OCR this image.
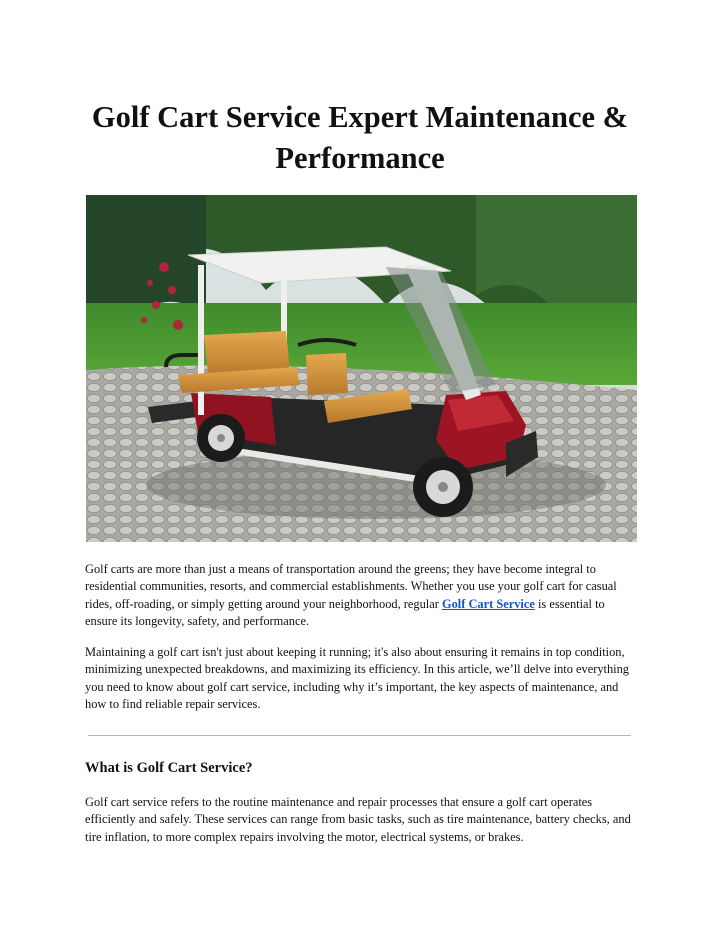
Golf Cart Service Expert Maintenance & Performance

Golf carts are more than just a means of transportation around the greens; they have become integral to residential communities, resorts, and commercial establishments. Whether you use your golf cart for casual rides, off-roading, or simply getting around your neighborhood, regular Golf Cart Service is essential to ensure its longevity, safety, and performance.

Maintaining a golf cart isn't just about keeping it running; it's also about ensuring it remains in top condition, minimizing unexpected breakdowns, and maximizing its efficiency. In this article, we’ll delve into everything you need to know about golf cart service, including why it’s important, the key aspects of maintenance, and how to find reliable repair services.

What is Golf Cart Service?

Golf cart service refers to the routine maintenance and repair processes that ensure a golf cart operates efficiently and safely. These services can range from basic tasks, such as tire maintenance, battery checks, and tire inflation, to more complex repairs involving the motor, electrical systems, or brakes.
